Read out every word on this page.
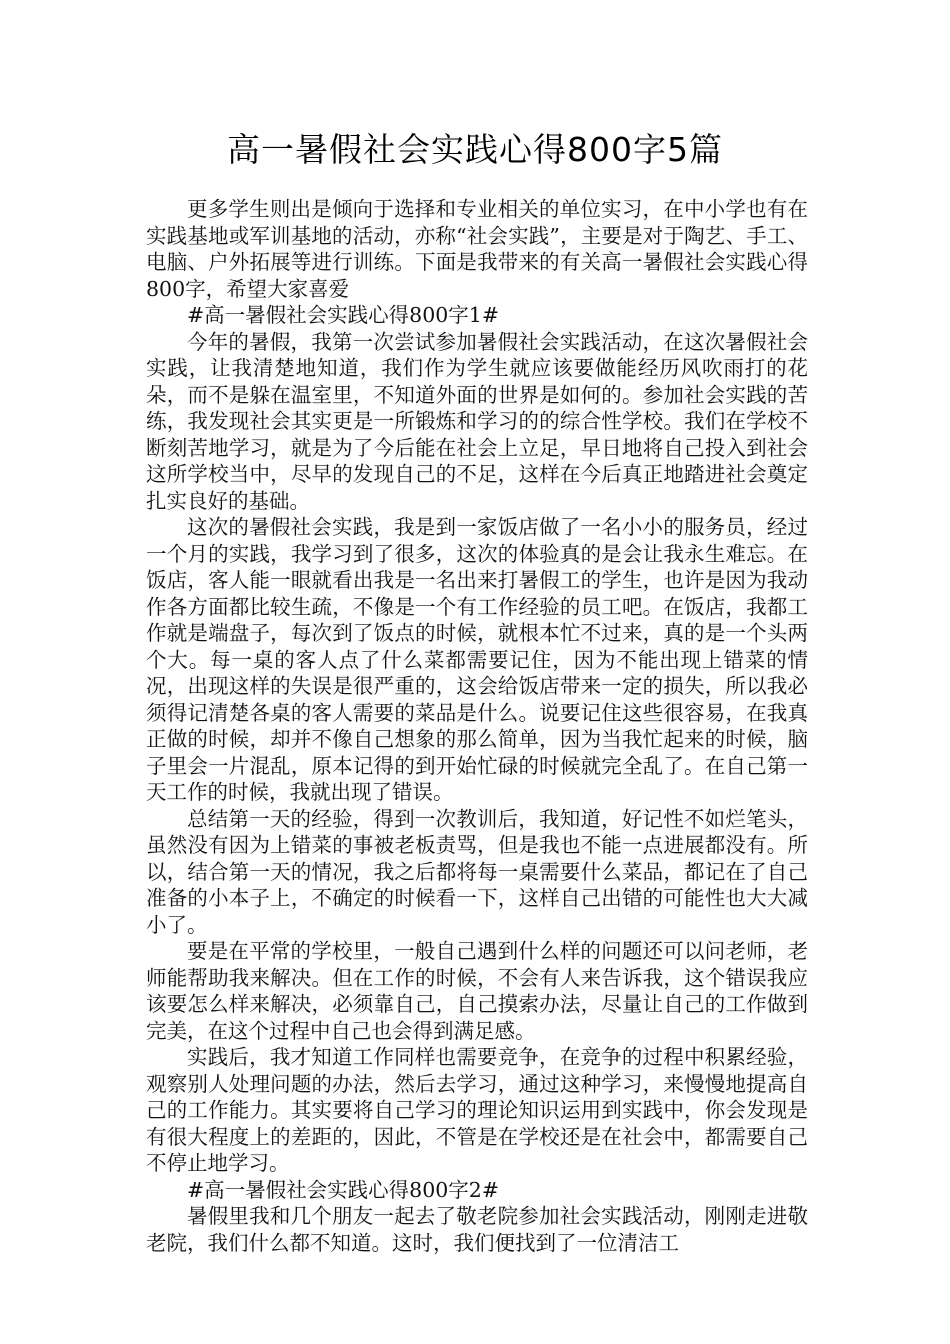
高一暑假社会实践心得800字5篇

更多学生则出是倾向于选择和专业相关的单位实习，在中小学也有在实践基地或军训基地的活动，亦称“社会实践”，主要是对于陶艺、手工、电脑、户外拓展等进行训练。下面是我带来的有关高一暑假社会实践心得800字，希望大家喜爱

#高一暑假社会实践心得800字1#

今年的暑假，我第一次尝试参加暑假社会实践活动，在这次暑假社会实践，让我清楚地知道，我们作为学生就应该要做能经历风吹雨打的花朵，而不是躲在温室里，不知道外面的世界是如何的。参加社会实践的苦练，我发现社会其实更是一所锻炼和学习的的综合性学校。我们在学校不断刻苦地学习，就是为了今后能在社会上立足，早日地将自己投入到社会这所学校当中，尽早的发现自己的不足，这样在今后真正地踏进社会奠定扎实良好的基础。

这次的暑假社会实践，我是到一家饭店做了一名小小的服务员，经过一个月的实践，我学习到了很多，这次的体验真的是会让我永生难忘。在饭店，客人能一眼就看出我是一名出来打暑假工的学生，也许是因为我动作各方面都比较生疏，不像是一个有工作经验的员工吧。在饭店，我都工作就是端盘子，每次到了饭点的时候，就根本忙不过来，真的是一个头两个大。每一桌的客人点了什么菜都需要记住，因为不能出现上错菜的情况，出现这样的失误是很严重的，这会给饭店带来一定的损失，所以我必须得记清楚各桌的客人需要的菜品是什么。说要记住这些很容易，在我真正做的时候，却并不像自己想象的那么简单，因为当我忙起来的时候，脑子里会一片混乱，原本记得的到开始忙碌的时候就完全乱了。在自己第一天工作的时候，我就出现了错误。

总结第一天的经验，得到一次教训后，我知道，好记性不如烂笔头，虽然没有因为上错菜的事被老板责骂，但是我也不能一点进展都没有。所以，结合第一天的情况，我之后都将每一桌需要什么菜品，都记在了自己准备的小本子上，不确定的时候看一下，这样自己出错的可能性也大大减小了。

要是在平常的学校里，一般自己遇到什么样的问题还可以问老师，老师能帮助我来解决。但在工作的时候，不会有人来告诉我，这个错误我应该要怎么样来解决，必须靠自己，自己摸索办法，尽量让自己的工作做到完美，在这个过程中自己也会得到满足感。

实践后，我才知道工作同样也需要竞争，在竞争的过程中积累经验，观察别人处理问题的办法，然后去学习，通过这种学习，来慢慢地提高自己的工作能力。其实要将自己学习的理论知识运用到实践中，你会发现是有很大程度上的差距的，因此，不管是在学校还是在社会中，都需要自己不停止地学习。

#高一暑假社会实践心得800字2#

暑假里我和几个朋友一起去了敬老院参加社会实践活动，刚刚走进敬老院，我们什么都不知道。这时，我们便找到了一位清洁工
